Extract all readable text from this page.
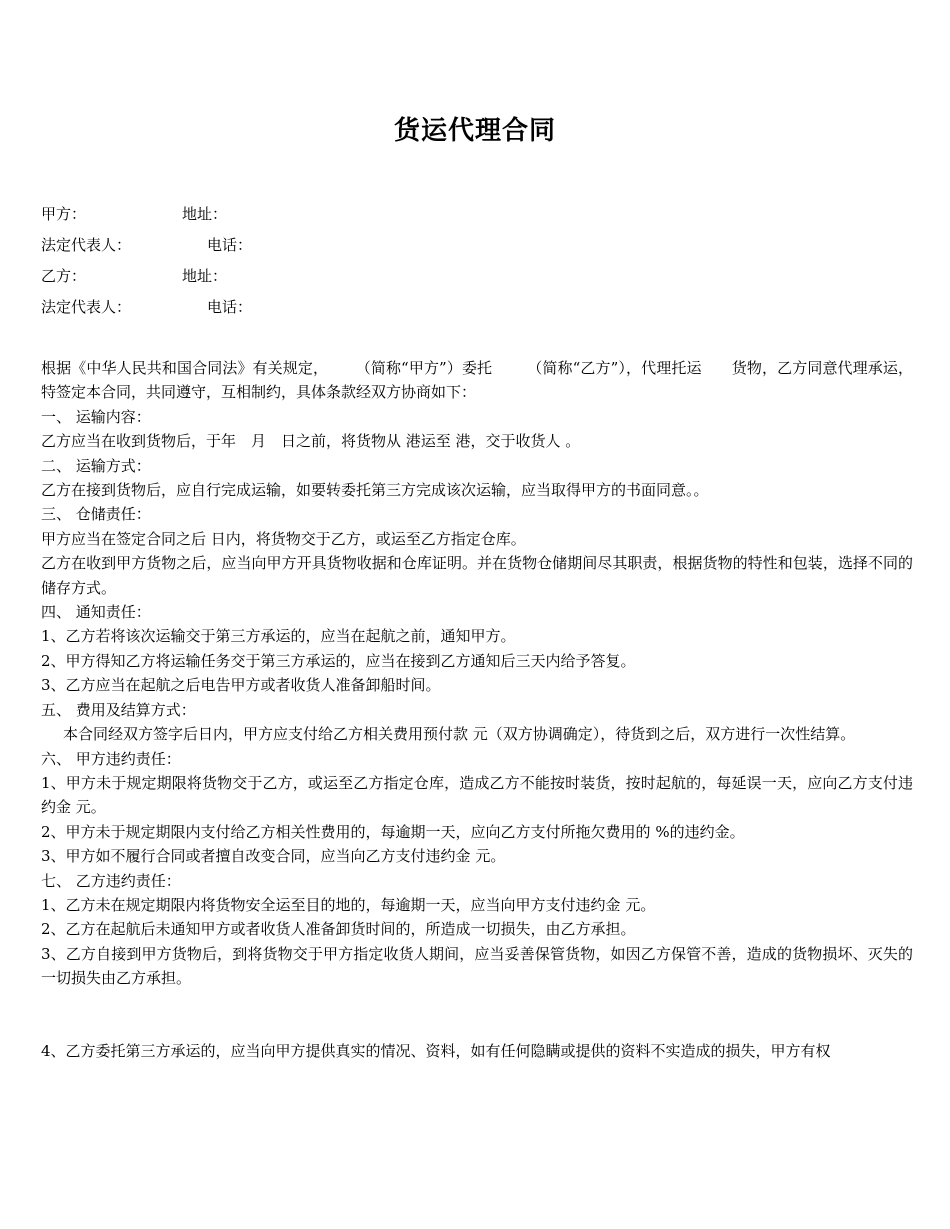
货运代理合同
甲方：	地址：
法定代表人：	电话：
乙方：	地址：
法定代表人：	电话：

根据《中华人民共和国合同法》有关规定，　　 （简称“甲方”）委托　　 （简称“乙方”），代理托运　　货物，乙方同意代理承运，特签定本合同，共同遵守，互相制约，具体条款经双方协商如下：

一、 运输内容：

乙方应当在收到货物后，于年　月　日之前，将货物从 港运至 港，交于收货人 。

二、 运输方式：

乙方在接到货物后，应自行完成运输，如要转委托第三方完成该次运输，应当取得甲方的书面同意。。

三、 仓储责任：

甲方应当在签定合同之后 日内，将货物交于乙方，或运至乙方指定仓库。

乙方在收到甲方货物之后，应当向甲方开具货物收据和仓库证明。并在货物仓储期间尽其职责，根据货物的特性和包装，选择不同的储存方式。

四、 通知责任：

1、乙方若将该次运输交于第三方承运的，应当在起航之前，通知甲方。

2、甲方得知乙方将运输任务交于第三方承运的，应当在接到乙方通知后三天内给予答复。

3、乙方应当在起航之后电告甲方或者收货人准备卸船时间。

五、 费用及结算方式：

本合同经双方签字后日内，甲方应支付给乙方相关费用预付款 元（双方协调确定），待货到之后，双方进行一次性结算。

六、 甲方违约责任：

1、甲方未于规定期限将货物交于乙方，或运至乙方指定仓库，造成乙方不能按时装货，按时起航的，每延误一天，应向乙方支付违约金 元。

2、甲方未于规定期限内支付给乙方相关性费用的，每逾期一天，应向乙方支付所拖欠费用的 %的违约金。

3、甲方如不履行合同或者擅自改变合同，应当向乙方支付违约金 元。

七、 乙方违约责任：

1、乙方未在规定期限内将货物安全运至目的地的，每逾期一天，应当向甲方支付违约金 元。

2、乙方在起航后未通知甲方或者收货人准备卸货时间的，所造成一切损失，由乙方承担。

3、乙方自接到甲方货物后，到将货物交于甲方指定收货人期间，应当妥善保管货物，如因乙方保管不善，造成的货物损坏、灭失的一切损失由乙方承担。

4、乙方委托第三方承运的，应当向甲方提供真实的情况、资料，如有任何隐瞒或提供的资料不实造成的损失，甲方有权
